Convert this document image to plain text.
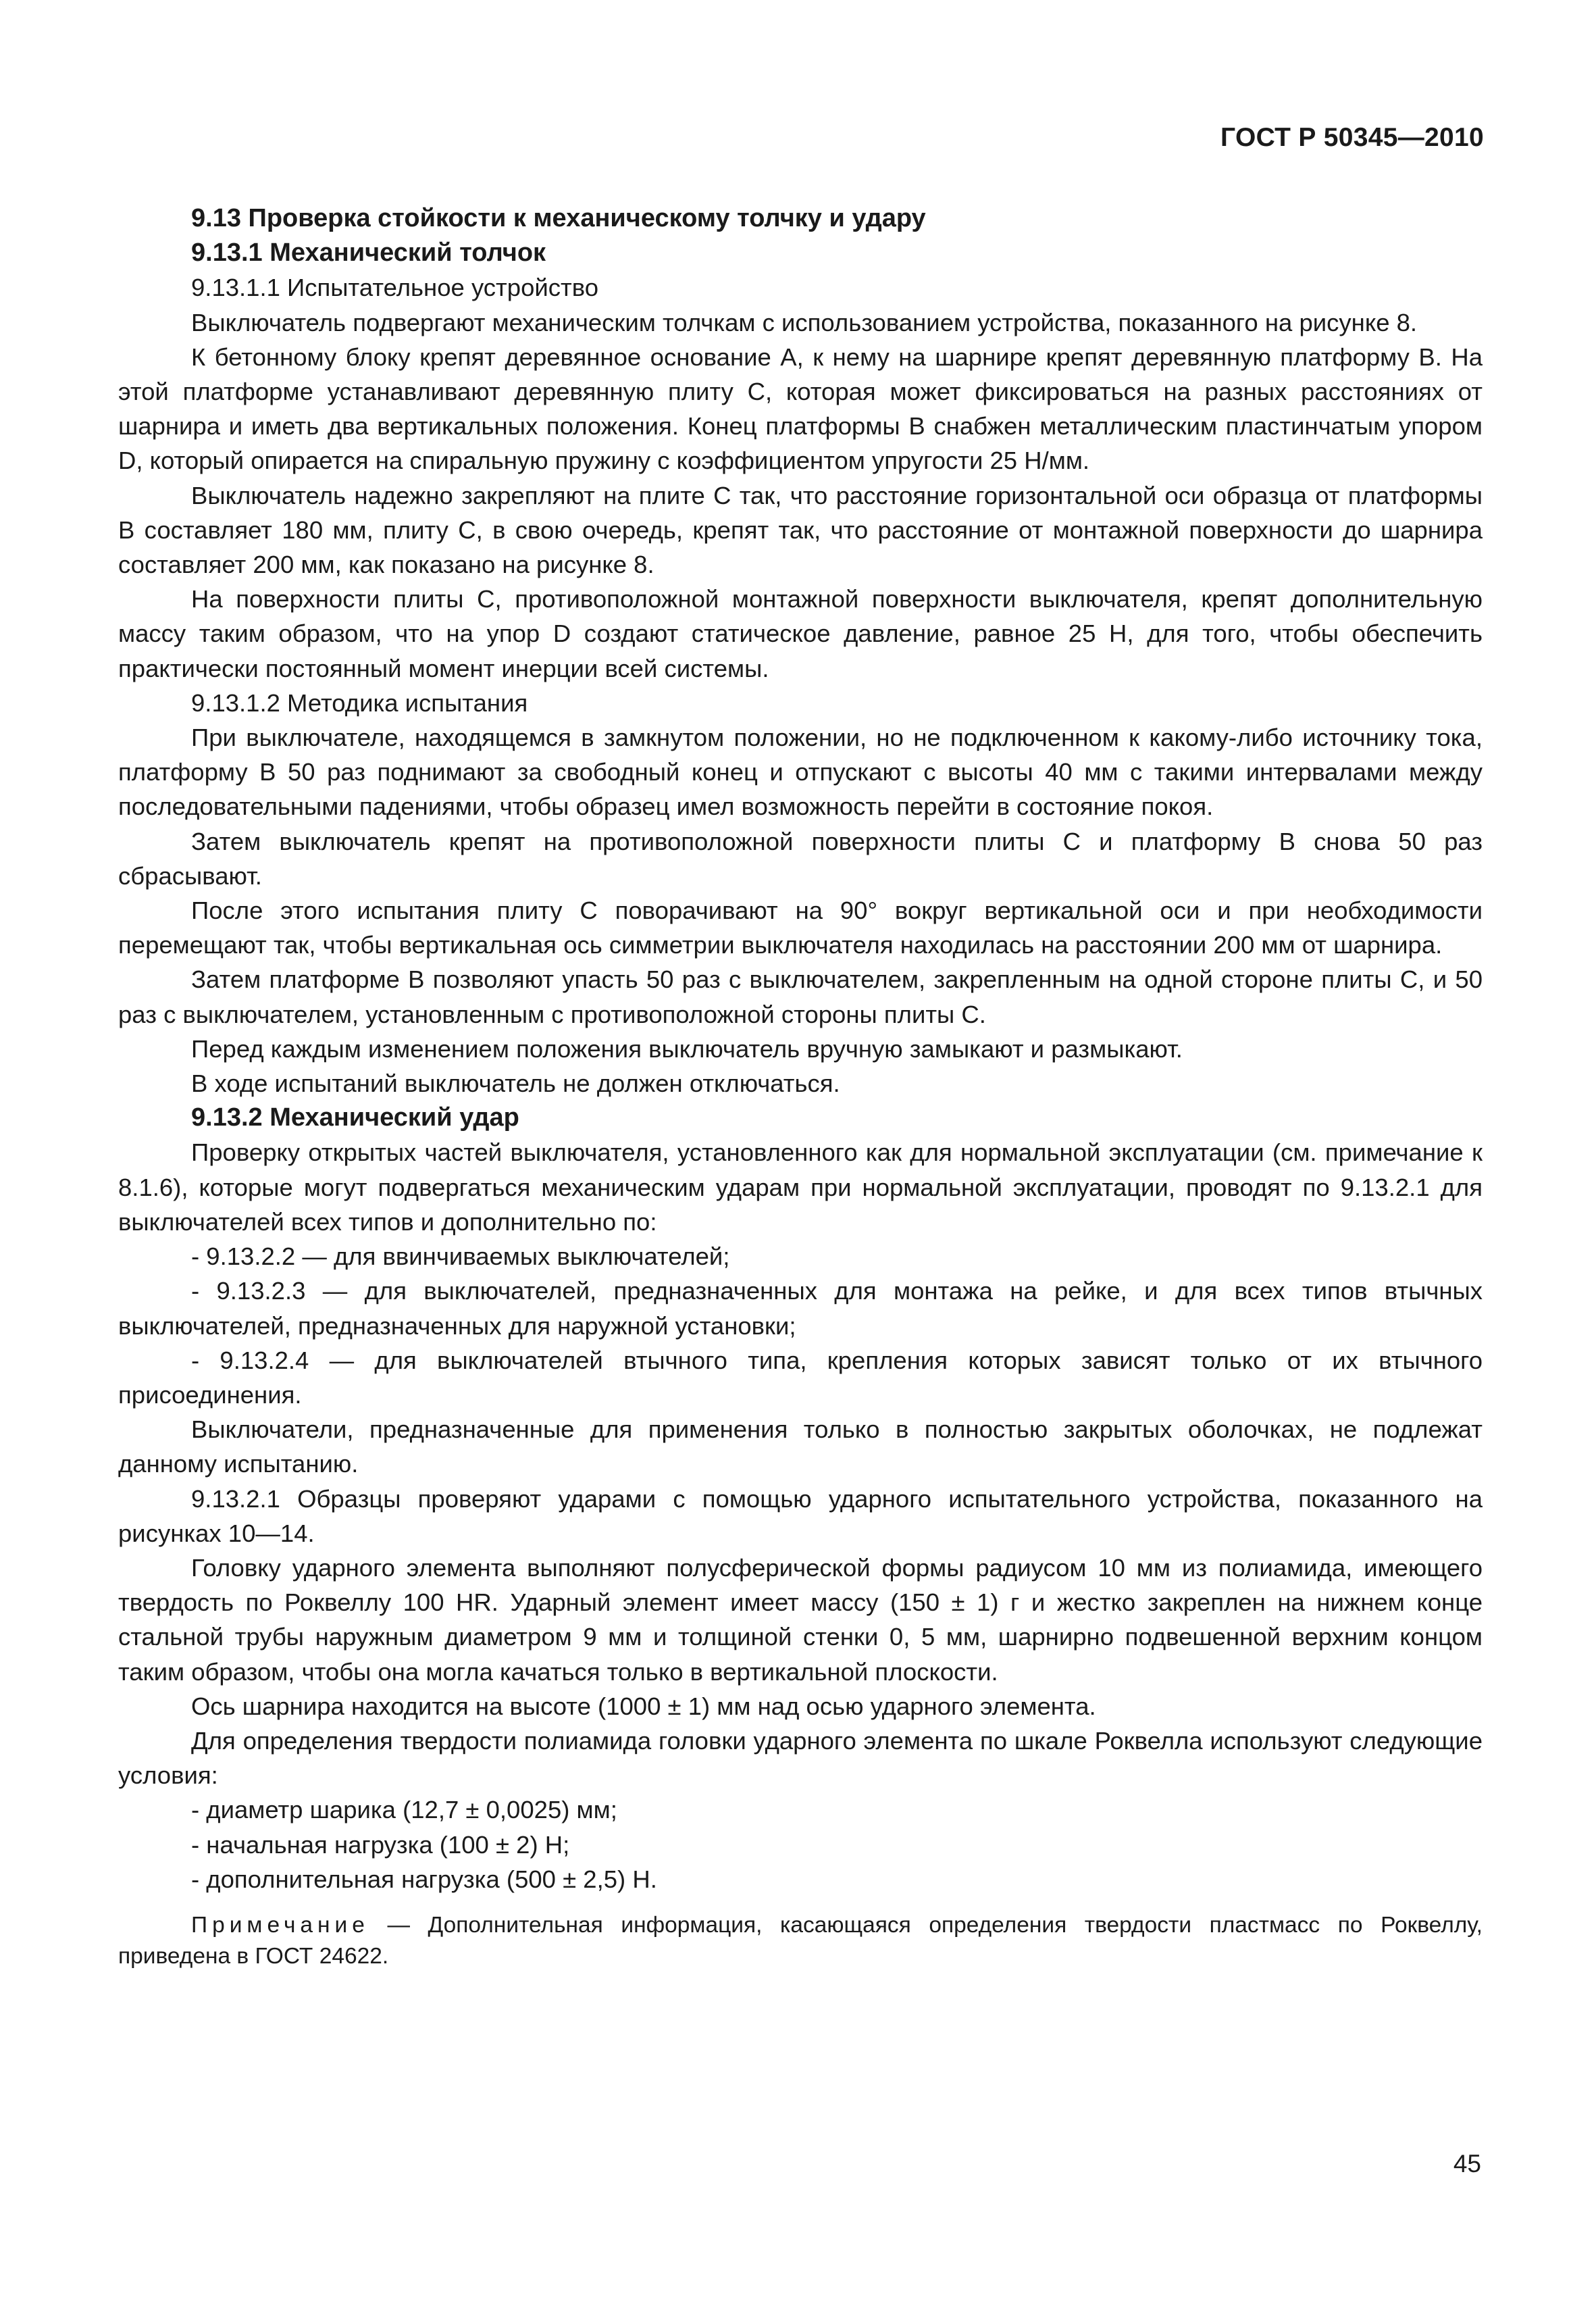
ГОСТ Р 50345—2010

9.13 Проверка стойкости к механическому толчку и удару

9.13.1 Механический толчок

9.13.1.1 Испытательное устройство

Выключатель подвергают механическим толчкам с использованием устройства, показанного на рисунке 8.

К бетонному блоку крепят деревянное основание A, к нему на шарнире крепят деревянную платформу B. На этой платформе устанавливают деревянную плиту C, которая может фиксироваться на разных расстояниях от шарнира и иметь два вертикальных положения. Конец платформы B снабжен металлическим пластинчатым упором D, который опирается на спиральную пружину с коэффициентом упругости 25 Н/мм.

Выключатель надежно закрепляют на плите C так, что расстояние горизонтальной оси образца от платформы B составляет 180 мм, плиту C, в свою очередь, крепят так, что расстояние от монтажной поверхности до шарнира составляет 200 мм, как показано на рисунке 8.

На поверхности плиты C, противоположной монтажной поверхности выключателя, крепят дополнительную массу таким образом, что на упор D создают статическое давление, равное 25 Н, для того, чтобы обеспечить практически постоянный момент инерции всей системы.

9.13.1.2 Методика испытания

При выключателе, находящемся в замкнутом положении, но не подключенном к какому-либо источнику тока, платформу В 50 раз поднимают за свободный конец и отпускают с высоты 40 мм с такими интервалами между последовательными падениями, чтобы образец имел возможность перейти в состояние покоя.

Затем выключатель крепят на противоположной поверхности плиты C и платформу B снова 50 раз сбрасывают.

После этого испытания плиту C поворачивают на 90° вокруг вертикальной оси и при необходимости перемещают так, чтобы вертикальная ось симметрии выключателя находилась на расстоянии 200 мм от шарнира.

Затем платформе B позволяют упасть 50 раз с выключателем, закрепленным на одной стороне плиты C, и 50 раз с выключателем, установленным с противоположной стороны плиты C.

Перед каждым изменением положения выключатель вручную замыкают и размыкают.

В ходе испытаний выключатель не должен отключаться.

9.13.2 Механический удар

Проверку открытых частей выключателя, установленного как для нормальной эксплуатации (см. примечание к 8.1.6), которые могут подвергаться механическим ударам при нормальной эксплуатации, проводят по 9.13.2.1 для выключателей всех типов и дополнительно по:

- 9.13.2.2 — для ввинчиваемых выключателей;

- 9.13.2.3 — для выключателей, предназначенных для монтажа на рейке, и для всех типов втычных выключателей, предназначенных для наружной установки;

- 9.13.2.4 — для выключателей втычного типа, крепления которых зависят только от их втычного присоединения.

Выключатели, предназначенные для применения только в полностью закрытых оболочках, не подлежат данному испытанию.

9.13.2.1 Образцы проверяют ударами с помощью ударного испытательного устройства, показанного на рисунках 10—14.

Головку ударного элемента выполняют полусферической формы радиусом 10 мм из полиамида, имеющего твердость по Роквеллу 100 HR. Ударный элемент имеет массу (150 ± 1) г и жестко закреплен на нижнем конце стальной трубы наружным диаметром 9 мм и толщиной стенки 0, 5 мм, шарнирно подвешенной верхним концом таким образом, чтобы она могла качаться только в вертикальной плоскости.

Ось шарнира находится на высоте (1000 ± 1) мм над осью ударного элемента.

Для определения твердости полиамида головки ударного элемента по шкале Роквелла используют следующие условия:

- диаметр шарика (12,7 ± 0,0025) мм;

- начальная нагрузка (100 ± 2) Н;

- дополнительная нагрузка (500 ± 2,5) Н.

Примечание — Дополнительная информация, касающаяся определения твердости пластмасс по Роквеллу, приведена в ГОСТ 24622.
45
